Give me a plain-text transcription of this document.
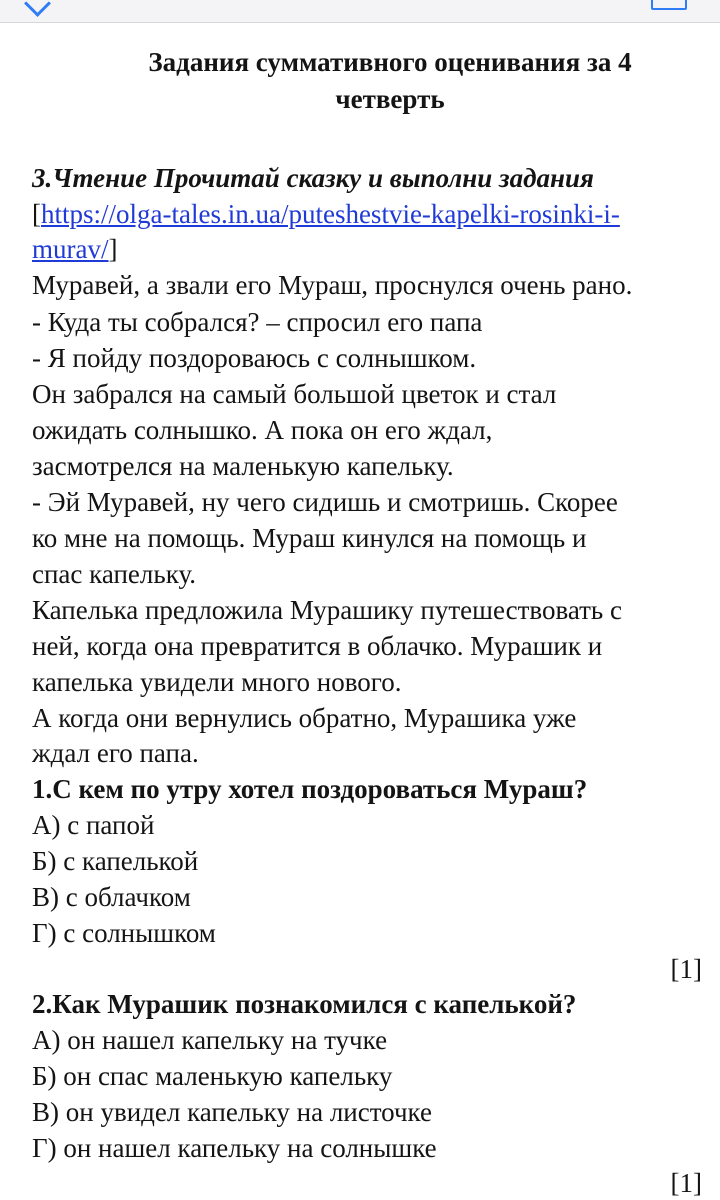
Задания суммативного оценивания за 4
четверть
3.Чтение Прочитай сказку и выполни задания
[https://olga-tales.in.ua/puteshestvie-kapelki-rosinki-i-
murav/]
Муравей, а звали его Мураш, проснулся очень рано.
- Куда ты собрался? – спросил его папа
- Я пойду поздороваюсь с солнышком.
Он забрался на самый большой цветок и стал
ожидать солнышко. А пока он его ждал,
засмотрелся на маленькую капельку.
- Эй Муравей, ну чего сидишь и смотришь. Скорее
ко мне на помощь. Мураш кинулся на помощь и
спас капельку.
Капелька предложила Мурашику путешествовать с
ней, когда она превратится в облачко. Мурашик и
капелька увидели много нового.
А когда они вернулись обратно, Мурашика уже
ждал его папа.
1.С кем по утру хотел поздороваться Мураш?
А) с папой
Б) с капелькой
В) с облачком
Г) с солнышком
[1]
2.Как Мурашик познакомился с капелькой?
А) он нашел капельку на тучке
Б) он спас маленькую капельку
В) он увидел капельку на листочке
Г) он нашел капельку на солнышке
[1]
